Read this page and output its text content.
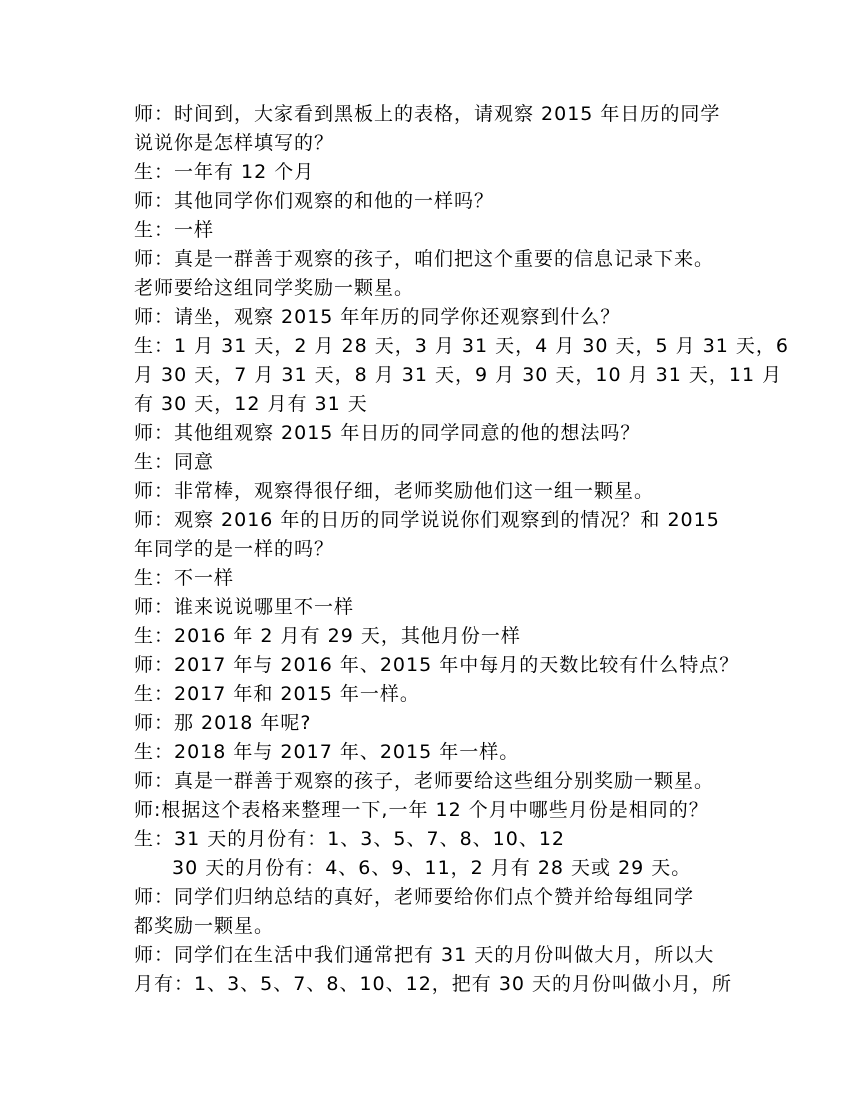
师：时间到，大家看到黑板上的表格，请观察 2015 年日历的同学
说说你是怎样填写的？
生：一年有 12 个月
师：其他同学你们观察的和他的一样吗？
生：一样
师：真是一群善于观察的孩子，咱们把这个重要的信息记录下来。
老师要给这组同学奖励一颗星。
师：请坐，观察 2015 年年历的同学你还观察到什么？
生：1 月 31 天，2 月 28 天，3 月 31 天，4 月 30 天，5 月 31 天，6
月 30 天，7 月 31 天，8 月 31 天，9 月 30 天，10 月 31 天，11 月
有 30 天，12 月有 31 天
师：其他组观察 2015 年日历的同学同意的他的想法吗？
生：同意
师：非常棒，观察得很仔细，老师奖励他们这一组一颗星。
师：观察 2016 年的日历的同学说说你们观察到的情况？和 2015
年同学的是一样的吗？
生：不一样
师：谁来说说哪里不一样
生：2016 年 2 月有 29 天，其他月份一样
师：2017 年与 2016 年、2015 年中每月的天数比较有什么特点？
生：2017 年和 2015 年一样。
师：那 2018 年呢?
生：2018 年与 2017 年、2015 年一样。
师：真是一群善于观察的孩子，老师要给这些组分别奖励一颗星。
师:根据这个表格来整理一下,一年 12 个月中哪些月份是相同的？
生：31 天的月份有：1、3、5、7、8、10、12
30 天的月份有：4、6、9、11，2 月有 28 天或 29 天。
师：同学们归纳总结的真好，老师要给你们点个赞并给每组同学
都奖励一颗星。
师：同学们在生活中我们通常把有 31 天的月份叫做大月，所以大
月有：1、3、5、7、8、10、12，把有 30 天的月份叫做小月，所
